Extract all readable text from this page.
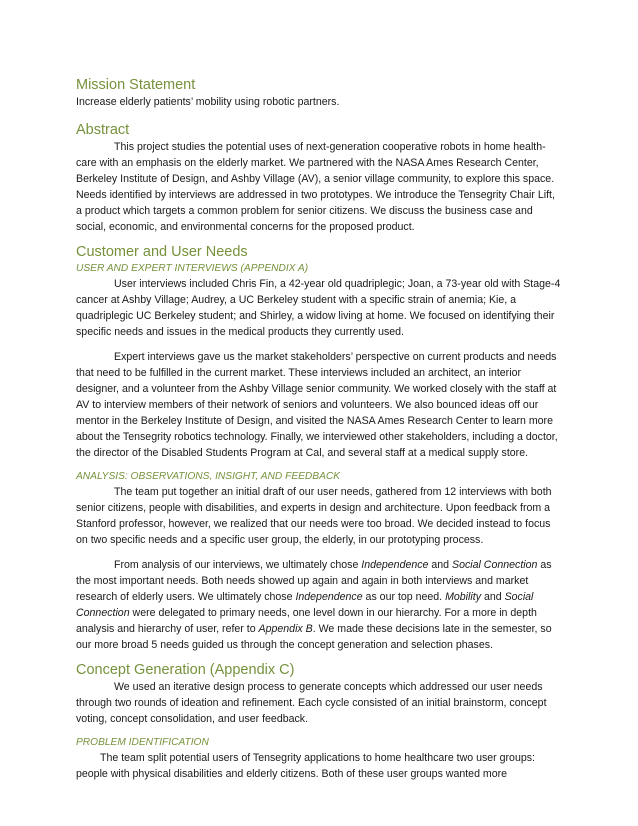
Mission Statement

Increase elderly patients’ mobility using robotic partners.

Abstract

This project studies the potential uses of next-generation cooperative robots in home health-care with an emphasis on the elderly market. We partnered with the NASA Ames Research Center, Berkeley Institute of Design, and Ashby Village (AV), a senior village community, to explore this space. Needs identified by interviews are addressed in two prototypes. We introduce the Tensegrity Chair Lift, a product which targets a common problem for senior citizens. We discuss the business case and social, economic, and environmental concerns for the proposed product.

Customer and User Needs

USER AND EXPERT INTERVIEWS (APPENDIX A)

User interviews included Chris Fin, a 42-year old quadriplegic; Joan, a 73-year old with Stage-4 cancer at Ashby Village; Audrey, a UC Berkeley student with a specific strain of anemia; Kie, a quadriplegic UC Berkeley student; and Shirley, a widow living at home. We focused on identifying their specific needs and issues in the medical products they currently used.

Expert interviews gave us the market stakeholders’ perspective on current products and needs that need to be fulfilled in the current market. These interviews included an architect, an interior designer, and a volunteer from the Ashby Village senior community. We worked closely with the staff at AV to interview members of their network of seniors and volunteers. We also bounced ideas off our mentor in the Berkeley Institute of Design, and visited the NASA Ames Research Center to learn more about the Tensegrity robotics technology. Finally, we interviewed other stakeholders, including a doctor, the director of the Disabled Students Program at Cal, and several staff at a medical supply store.

ANALYSIS: OBSERVATIONS, INSIGHT, AND FEEDBACK

The team put together an initial draft of our user needs, gathered from 12 interviews with both senior citizens, people with disabilities, and experts in design and architecture. Upon feedback from a Stanford professor, however, we realized that our needs were too broad. We decided instead to focus on two specific needs and a specific user group, the elderly, in our prototyping process.

From analysis of our interviews, we ultimately chose Independence and Social Connection as the most important needs. Both needs showed up again and again in both interviews and market research of elderly users. We ultimately chose Independence as our top need. Mobility and Social Connection were delegated to primary needs, one level down in our hierarchy. For a more in depth analysis and hierarchy of user, refer to Appendix B. We made these decisions late in the semester, so our more broad 5 needs guided us through the concept generation and selection phases.

Concept Generation (Appendix C)

We used an iterative design process to generate concepts which addressed our user needs through two rounds of ideation and refinement. Each cycle consisted of an initial brainstorm, concept voting, concept consolidation, and user feedback.

PROBLEM IDENTIFICATION

The team split potential users of Tensegrity applications to home healthcare two user groups: people with physical disabilities and elderly citizens. Both of these user groups wanted more
